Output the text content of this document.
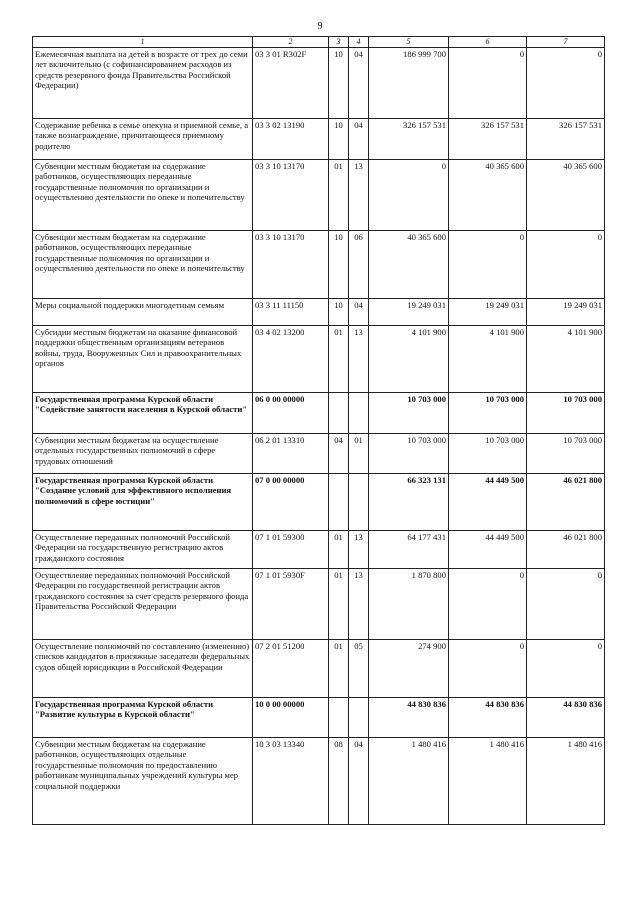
9
1	2	3	4	5	6	7
Ежемесячная выплата на детей в возрасте от трех до семи лет включительно (с софинансированием расходов из средств резервного фонда Правительства Российской Федерации)	03 3 01 R302F	10	04	186 999 700	0	0
Содержание ребенка в семье опекуна и приемной семье, а также вознаграждение, причитающееся приемному родителю	03 3 02 13190	10	04	326 157 531	326 157 531	326 157 531
Субвенции местным бюджетам на содержание работников, осуществляющих переданные государственные полномочия по организации и осуществлению деятельности по опеке и попечительству	03 3 10 13170	01	13	0	40 365 600	40 365 600
Субвенции местным бюджетам на содержание работников, осуществляющих переданные государственные полномочия по организации и осуществлению деятельности по опеке и попечительству	03 3 10 13170	10	06	40 365 600	0	0
Меры социальной поддержки многодетным семьям	03 3 11 11150	10	04	19 249 031	19 249 031	19 249 031
Субсидии местным бюджетам на оказание финансовой поддержки общественным организациям ветеранов войны, труда, Вооруженных Сил и правоохранительных органов	03 4 02 13200	01	13	4 101 900	4 101 900	4 101 900
Государственная программа Курской области "Содействие занятости населения в Курской области"	06 0 00 00000			10 703 000	10 703 000	10 703 000
Субвенции местным бюджетам на осуществление отдельных государственных полномочий в сфере трудовых отношений	06 2 01 13310	04	01	10 703 000	10 703 000	10 703 000
Государственная программа Курской области "Создание условий для эффективного исполнения полномочий в сфере юстиции"	07 0 00 00000			66 323 131	44 449 500	46 021 800
Осуществление переданных полномочий Российской Федерации на государственную регистрацию актов гражданского состояния	07 1 01 59300	01	13	64 177 431	44 449 500	46 021 800
Осуществление переданных полномочий Российской Федерации по государственной регистрации актов гражданского состояния за счет средств резервного фонда Правительства Российской Федерации	07 1 01 5930F	01	13	1 870 800	0	0
Осуществление полномочий по составлению (изменению) списков кандидатов в присяжные заседатели федеральных судов общей юрисдикции в Российской Федерации	07 2 01 51200	01	05	274 900	0	0
Государственная программа Курской области "Развитие культуры в Курской области"	10 0 00 00000			44 830 836	44 830 836	44 830 836
Субвенции местным бюджетам на содержание работников, осуществляющих отдельные государственные полномочия по предоставлению работникам муниципальных учреждений культуры мер социальной поддержки	10 3 03 13340	08	04	1 480 416	1 480 416	1 480 416
